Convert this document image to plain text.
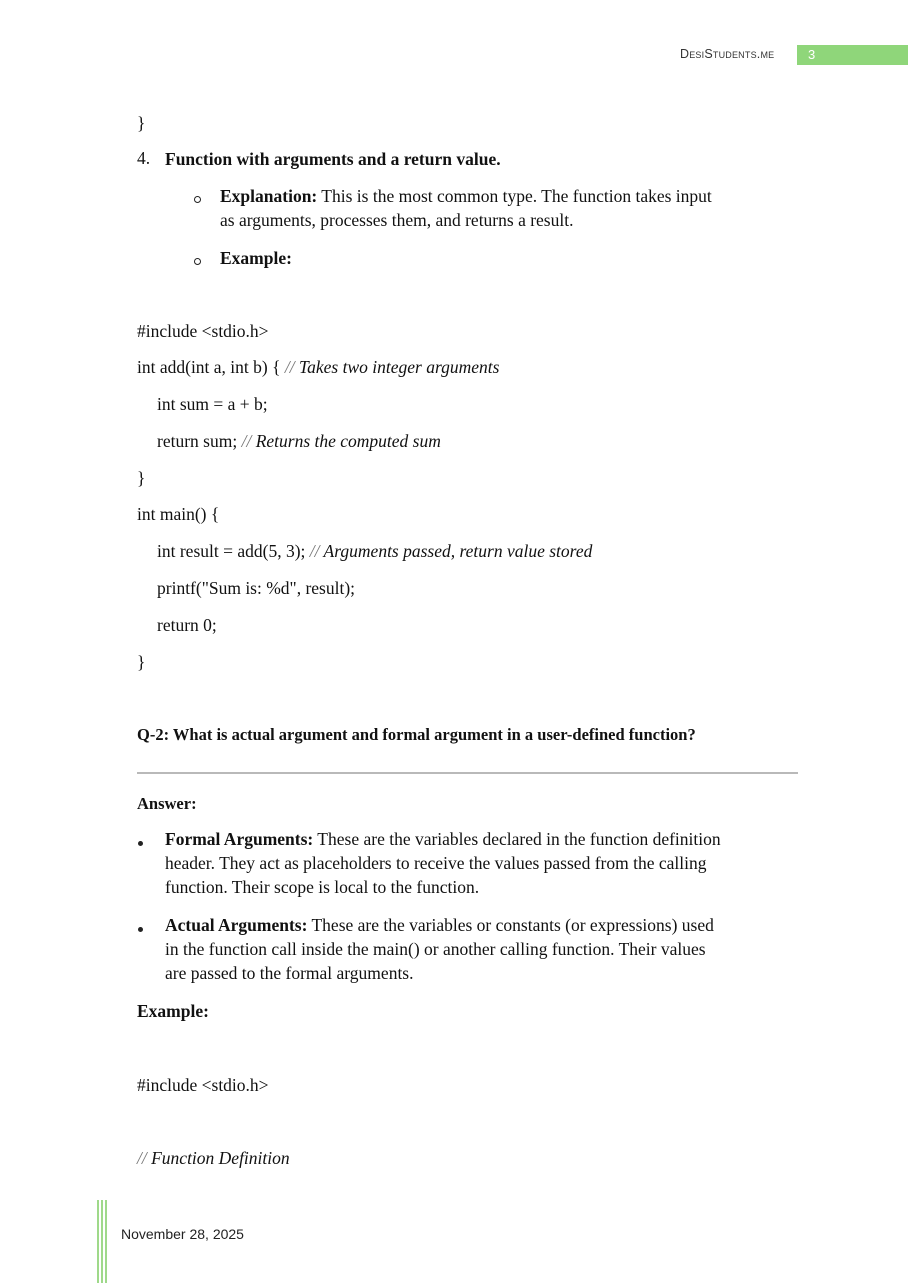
DesiStudents.me	3
}
4. Function with arguments and a return value.
Explanation: This is the most common type. The function takes input
as arguments, processes them, and returns a result.
Example:
#include <stdio.h>
int add(int a, int b) { // Takes two integer arguments
int sum = a + b;
return sum; // Returns the computed sum
}
int main() {
int result = add(5, 3); // Arguments passed, return value stored
printf("Sum is: %d", result);
return 0;
}
Q-2: What is actual argument and formal argument in a user-defined function?
Answer:
Formal Arguments: These are the variables declared in the function definition
header. They act as placeholders to receive the values passed from the calling
function. Their scope is local to the function.
Actual Arguments: These are the variables or constants (or expressions) used
in the function call inside the main() or another calling function. Their values
are passed to the formal arguments.
Example:
#include <stdio.h>
// Function Definition
November 28, 2025
